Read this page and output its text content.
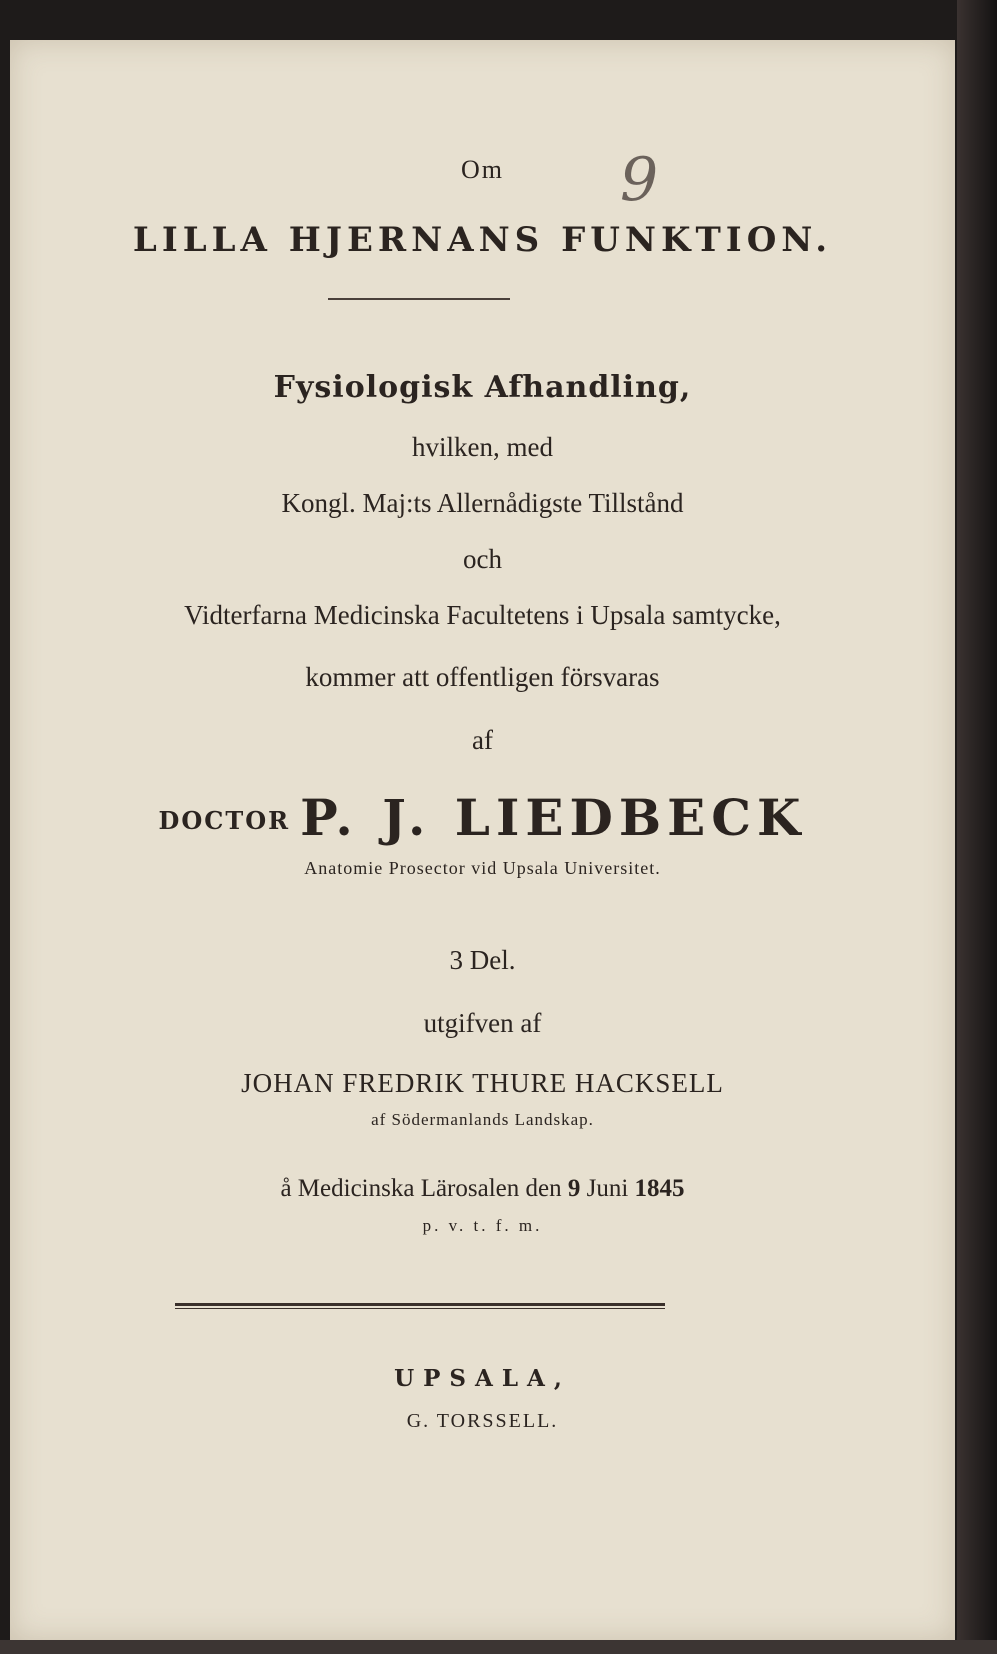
Om	9
LILLA HJERNANS FUNKTION.
Fysiologisk Afhandling,
hvilken, med
Kongl. Maj:ts Allernådigste Tillstånd
och
Vidterfarna Medicinska Facultetens i Upsala samtycke,
kommer att offentligen försvaras
af
DOCTOR P. J. LIEDBECK
Anatomie Prosector vid Upsala Universitet.
3 Del.
utgifven af
JOHAN FREDRIK THURE HACKSELL
af Södermanlands Landskap.
å Medicinska Lärosalen den 9 Juni 1845
p. v. t. f. m.
UPSALA,
G. TORSSELL.
